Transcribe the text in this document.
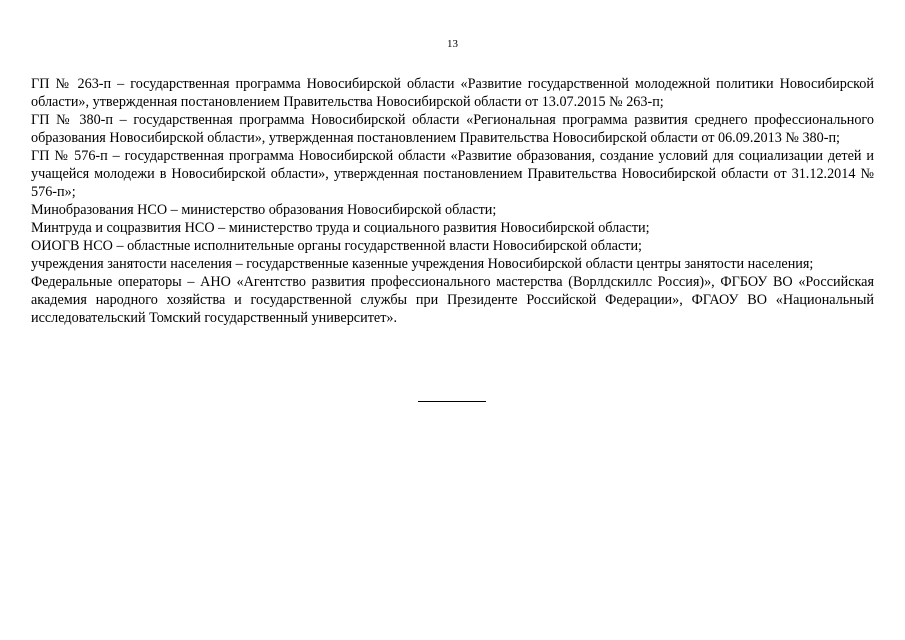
13

ГП № 263-п – государственная программа Новосибирской области «Развитие государственной молодежной политики Новосибирской области», утвержденная постановлением Правительства Новосибирской области от 13.07.2015 № 263-п;

ГП № 380-п – государственная программа Новосибирской области «Региональная программа развития среднего профессионального образования Новосибирской области», утвержденная постановлением Правительства Новосибирской области от 06.09.2013 № 380-п;

ГП № 576-п – государственная программа Новосибирской области «Развитие образования, создание условий для социализации детей и учащейся молодежи в Новосибирской области», утвержденная постановлением Правительства Новосибирской области от 31.12.2014 № 576-п»;

Минобразования НСО – министерство образования Новосибирской области;

Минтруда и соцразвития НСО – министерство труда и социального развития Новосибирской области;

ОИОГВ НСО – областные исполнительные органы государственной власти Новосибирской области;

учреждения занятости населения – государственные казенные учреждения Новосибирской области центры занятости населения;

Федеральные операторы – АНО «Агентство развития профессионального мастерства (Ворлдскиллс Россия)», ФГБОУ ВО «Российская академия народного хозяйства и государственной службы при Президенте Российской Федерации», ФГАОУ ВО «Национальный исследовательский Томский государственный университет».
